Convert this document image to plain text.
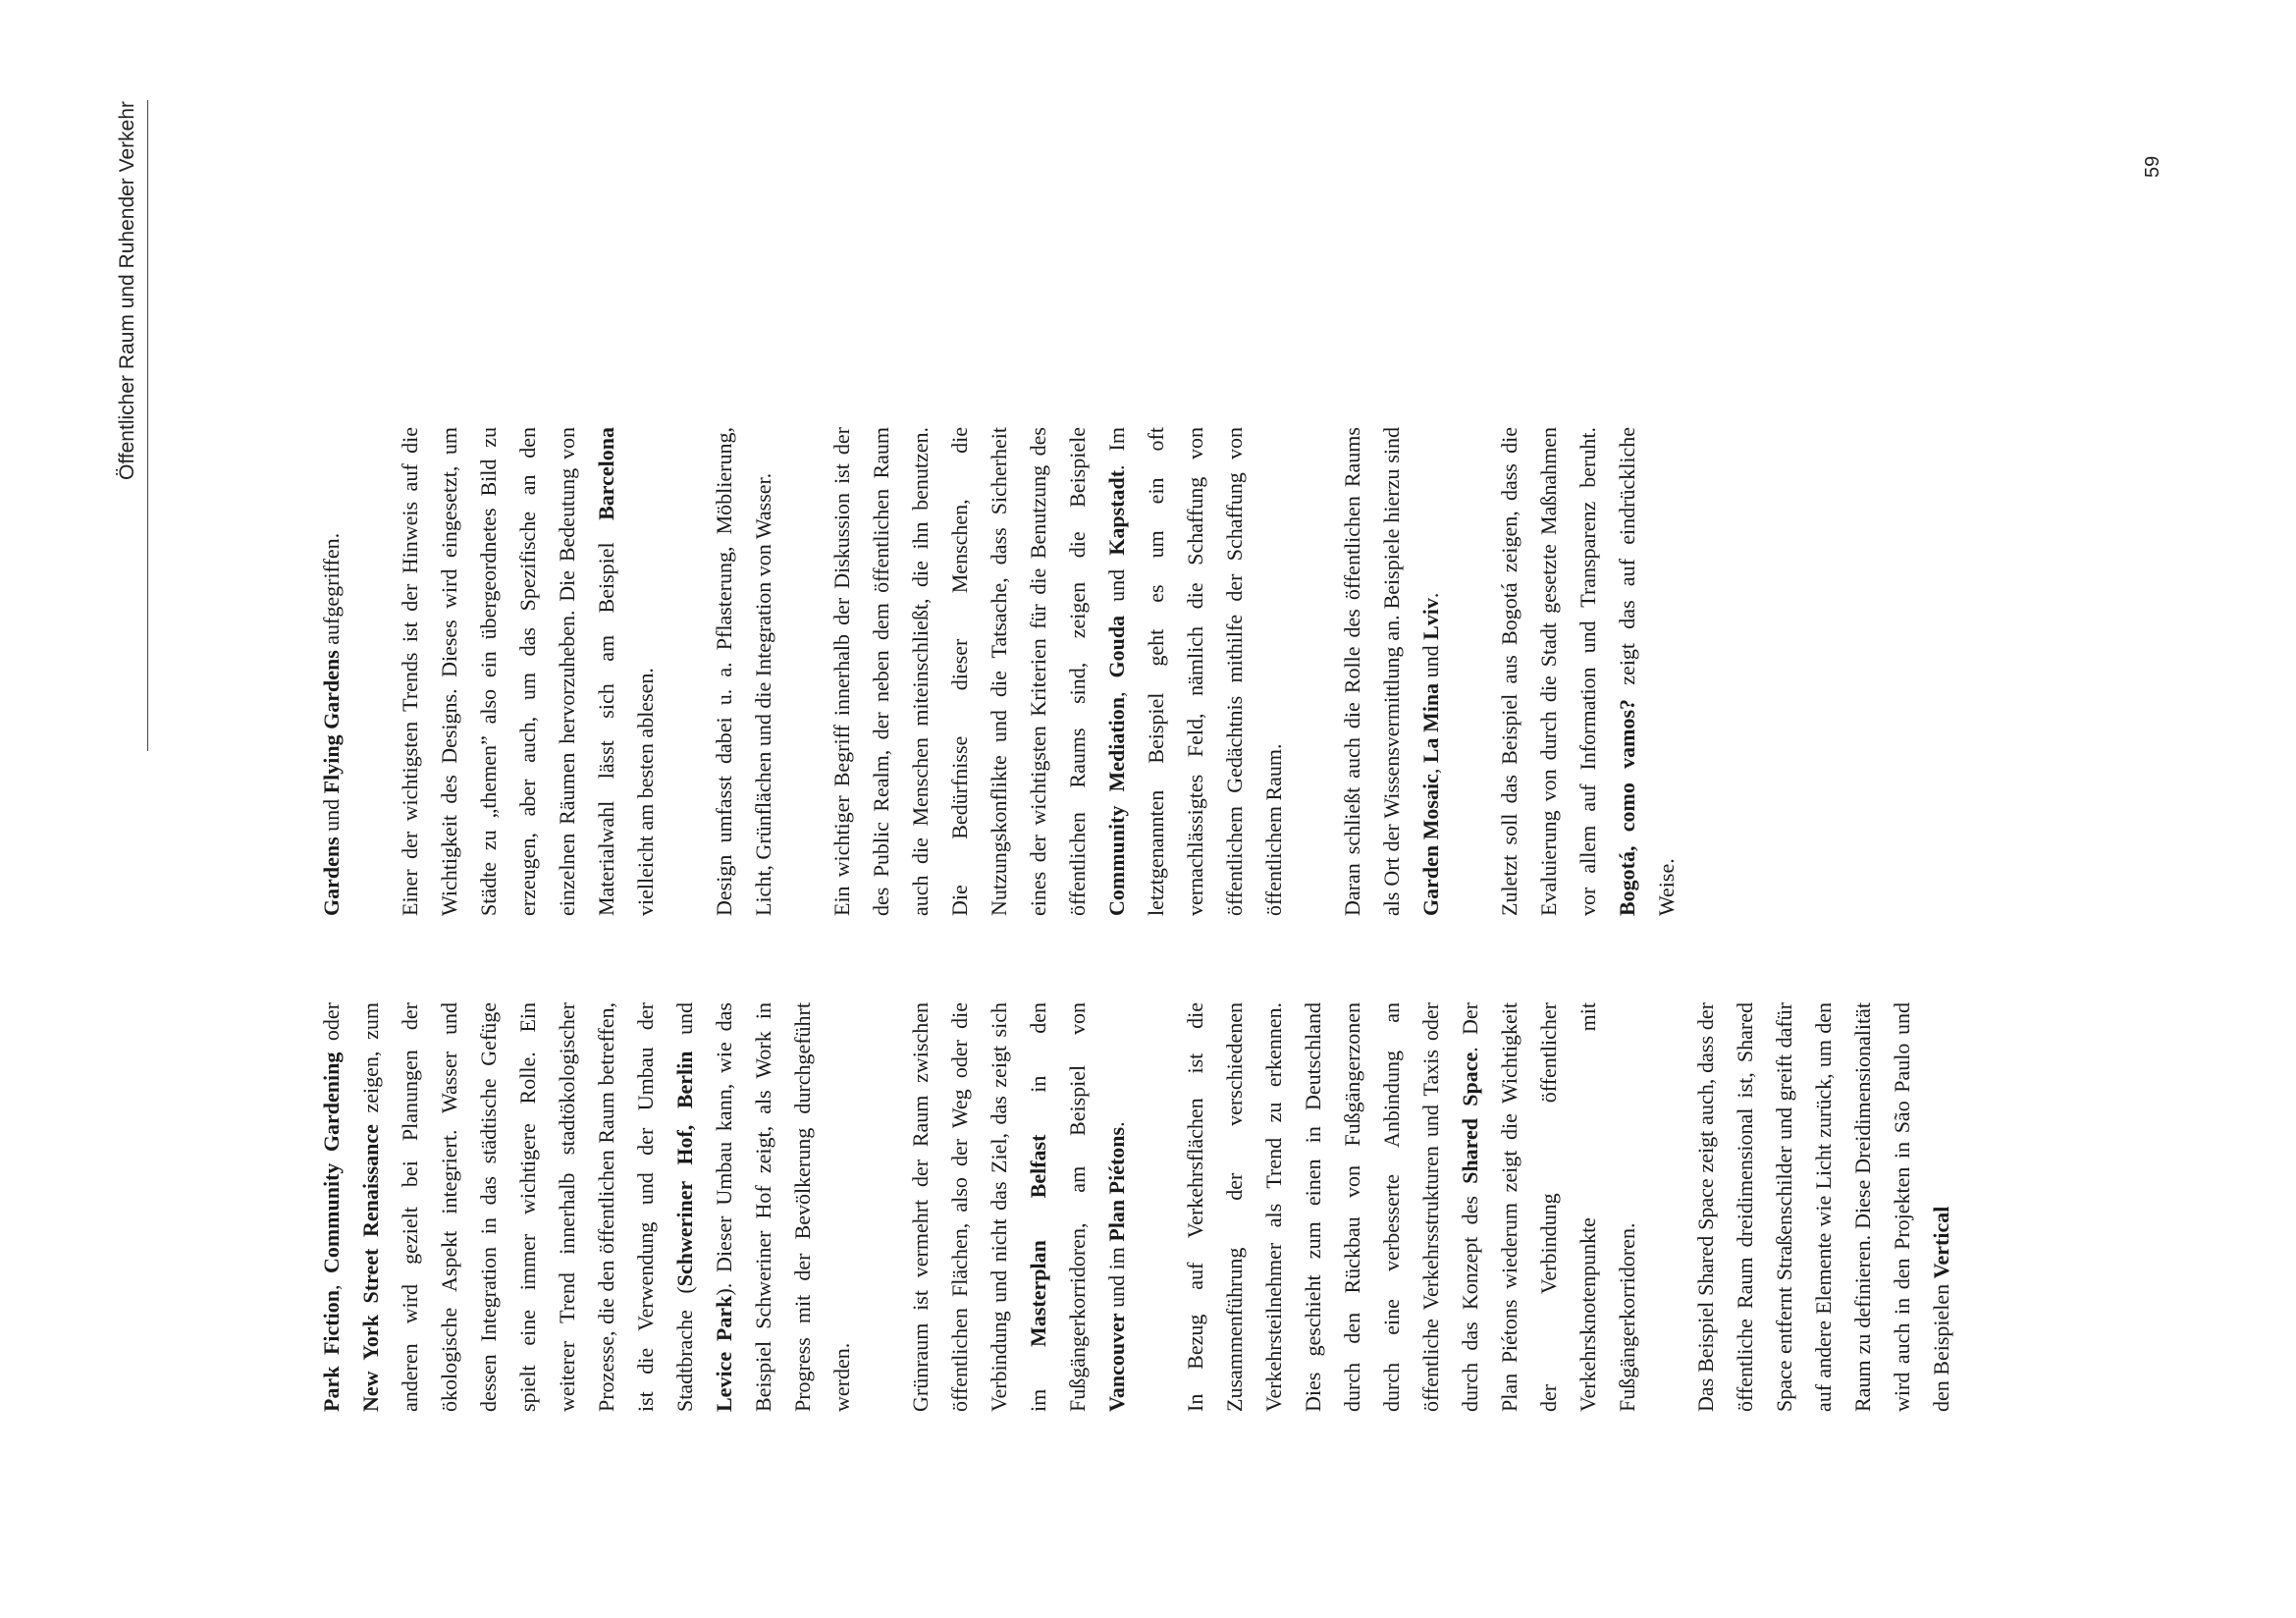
Öffentlicher Raum und Ruhender Verkehr

Park Fiction, Community Gardening oder New York Street Renaissance zeigen, zum anderen wird gezielt bei Planungen der ökologische Aspekt integriert. Wasser und dessen Integration in das städtische Gefüge spielt eine immer wichtigere Rolle. Ein weiterer Trend innerhalb stadtökologischer Prozesse, die den öffentlichen Raum betreffen, ist die Verwendung und der Umbau der Stadtbrache (Schweriner Hof, Berlin und Levice Park). Dieser Umbau kann, wie das Beispiel Schweriner Hof zeigt, als Work in Progress mit der Bevölkerung durchgeführt werden.	Grünraum ist vermehrt der Raum zwischen öffentlichen Flächen, also der Weg oder die Verbindung und nicht das Ziel, das zeigt sich im Masterplan Belfast in den Fußgängerkorridoren, am Beispiel von Vancouver und im Plan Piétons.	In Bezug auf Verkehrsflächen ist die Zusammenführung der verschiedenen Verkehrsteilnehmer als Trend zu erkennen. Dies geschieht zum einen in Deutschland durch den Rückbau von Fußgängerzonen durch eine verbesserte Anbindung an öffentliche Verkehrsstrukturen und Taxis oder durch das Konzept des Shared Space. Der Plan Piétons wiederum zeigt die Wichtigkeit der Verbindung öffentlicher Verkehrsknotenpunkte mit Fußgängerkorridoren.	Das Beispiel Shared Space zeigt auch, dass der öffentliche Raum dreidimensional ist, Shared Space entfernt Straßenschilder und greift dafür auf andere Elemente wie Licht zurück, um den Raum zu definieren. Diese Dreidimensionalität wird auch in den Projekten in São Paulo und den Beispielen Vertical

Gardens und Flying Gardens aufgegriffen.	Einer der wichtigsten Trends ist der Hinweis auf die Wichtigkeit des Designs. Dieses wird eingesetzt, um Städte zu „themen” also ein übergeordnetes Bild zu erzeugen, aber auch, um das Spezifische an den einzelnen Räumen hervorzuheben. Die Bedeutung von Materialwahl lässt sich am Beispiel Barcelona vielleicht am besten ablesen.	Design umfasst dabei u. a. Pflasterung, Möblierung, Licht, Grünflächen und die Integration von Wasser.	Ein wichtiger Begriff innerhalb der Diskussion ist der des Public Realm, der neben dem öffentlichen Raum auch die Menschen miteinschließt, die ihn benutzen. Die Bedürfnisse dieser Menschen, die Nutzungskonflikte und die Tatsache, dass Sicherheit eines der wichtigsten Kriterien für die Benutzung des öffentlichen Raums sind, zeigen die Beispiele Community Mediation, Gouda und Kapstadt. Im letztgenannten Beispiel geht es um ein oft vernachlässigtes Feld, nämlich die Schaffung von öffentlichem Gedächtnis mithilfe der Schaffung von öffentlichem Raum.	Daran schließt auch die Rolle des öffentlichen Raums als Ort der Wissensvermittlung an. Beispiele hierzu sind Garden Mosaic, La Mina und Lviv.	Zuletzt soll das Beispiel aus Bogotá zeigen, dass die Evaluierung von durch die Stadt gesetzte Maßnahmen vor allem auf Information und Transparenz beruht. Bogotá, como vamos? zeigt das auf eindrückliche Weise.

59
